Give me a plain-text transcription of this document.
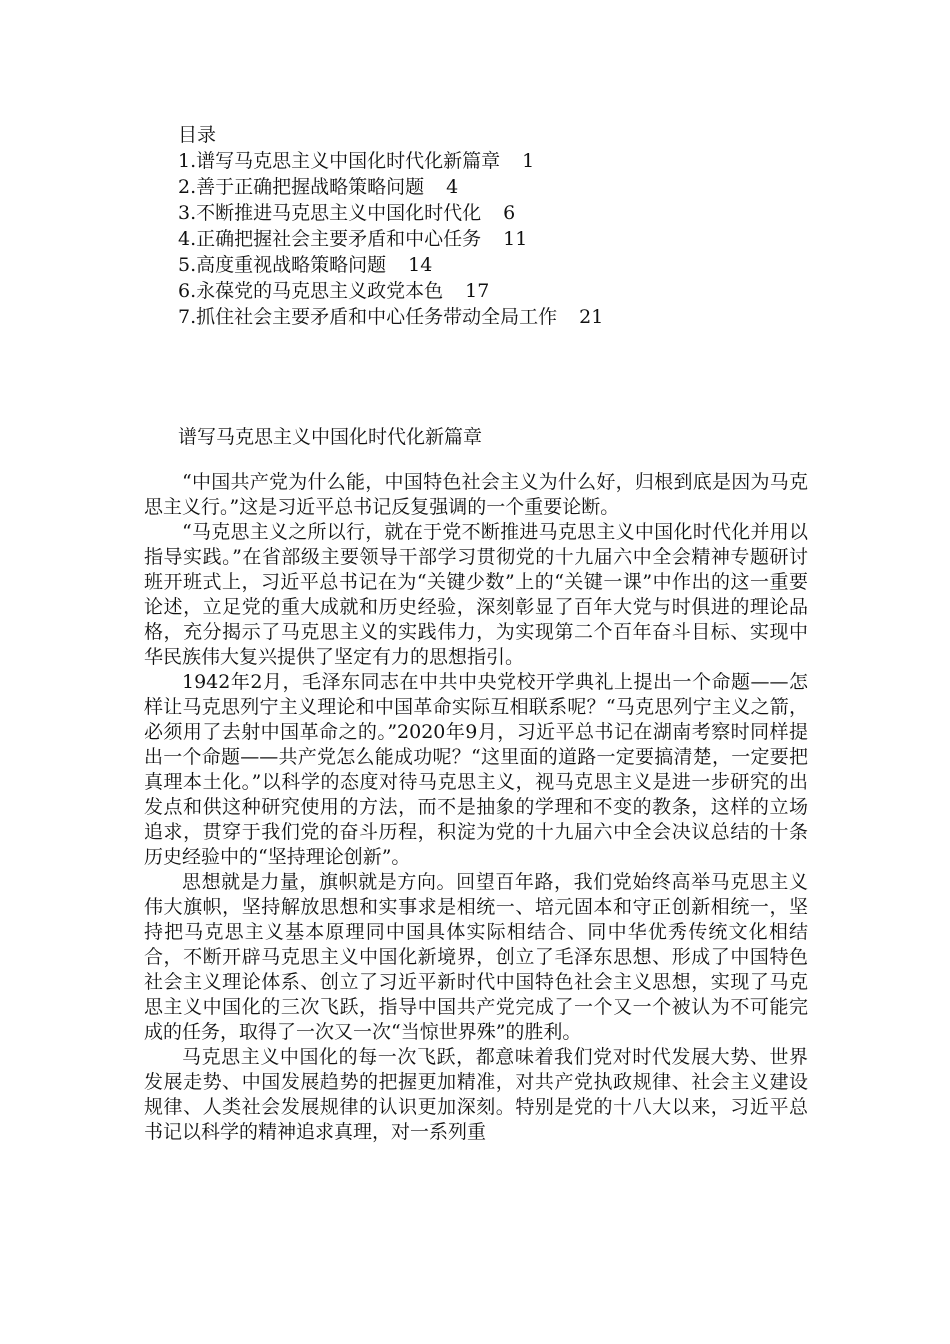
目录
1.谱写马克思主义中国化时代化新篇章 1
2.善于正确把握战略策略问题 4
3.不断推进马克思主义中国化时代化 6
4.正确把握社会主要矛盾和中心任务 11
5.高度重视战略策略问题 14
6.永葆党的马克思主义政党本色 17
7.抓住社会主要矛盾和中心任务带动全局工作 21
谱写马克思主义中国化时代化新篇章

“中国共产党为什么能，中国特色社会主义为什么好，归根到底是因为马克思主义行。”这是习近平总书记反复强调的一个重要论断。

“马克思主义之所以行，就在于党不断推进马克思主义中国化时代化并用以指导实践。”在省部级主要领导干部学习贯彻党的十九届六中全会精神专题研讨班开班式上，习近平总书记在为“关键少数”上的“关键一课”中作出的这一重要论述，立足党的重大成就和历史经验，深刻彰显了百年大党与时俱进的理论品格，充分揭示了马克思主义的实践伟力，为实现第二个百年奋斗目标、实现中华民族伟大复兴提供了坚定有力的思想指引。

1942年2月，毛泽东同志在中共中央党校开学典礼上提出一个命题——怎样让马克思列宁主义理论和中国革命实际互相联系呢？“马克思列宁主义之箭，必须用了去射中国革命之的。”2020年9月，习近平总书记在湖南考察时同样提出一个命题——共产党怎么能成功呢？“这里面的道路一定要搞清楚，一定要把真理本土化。”以科学的态度对待马克思主义，视马克思主义是进一步研究的出发点和供这种研究使用的方法，而不是抽象的学理和不变的教条，这样的立场追求，贯穿于我们党的奋斗历程，积淀为党的十九届六中全会决议总结的十条历史经验中的“坚持理论创新”。

思想就是力量，旗帜就是方向。回望百年路，我们党始终高举马克思主义伟大旗帜，坚持解放思想和实事求是相统一、培元固本和守正创新相统一，坚持把马克思主义基本原理同中国具体实际相结合、同中华优秀传统文化相结合，不断开辟马克思主义中国化新境界，创立了毛泽东思想、形成了中国特色社会主义理论体系、创立了习近平新时代中国特色社会主义思想，实现了马克思主义中国化的三次飞跃，指导中国共产党完成了一个又一个被认为不可能完成的任务，取得了一次又一次“当惊世界殊”的胜利。

马克思主义中国化的每一次飞跃，都意味着我们党对时代发展大势、世界发展走势、中国发展趋势的把握更加精准，对共产党执政规律、社会主义建设规律、人类社会发展规律的认识更加深刻。特别是党的十八大以来，习近平总书记以科学的精神追求真理，对一系列重
